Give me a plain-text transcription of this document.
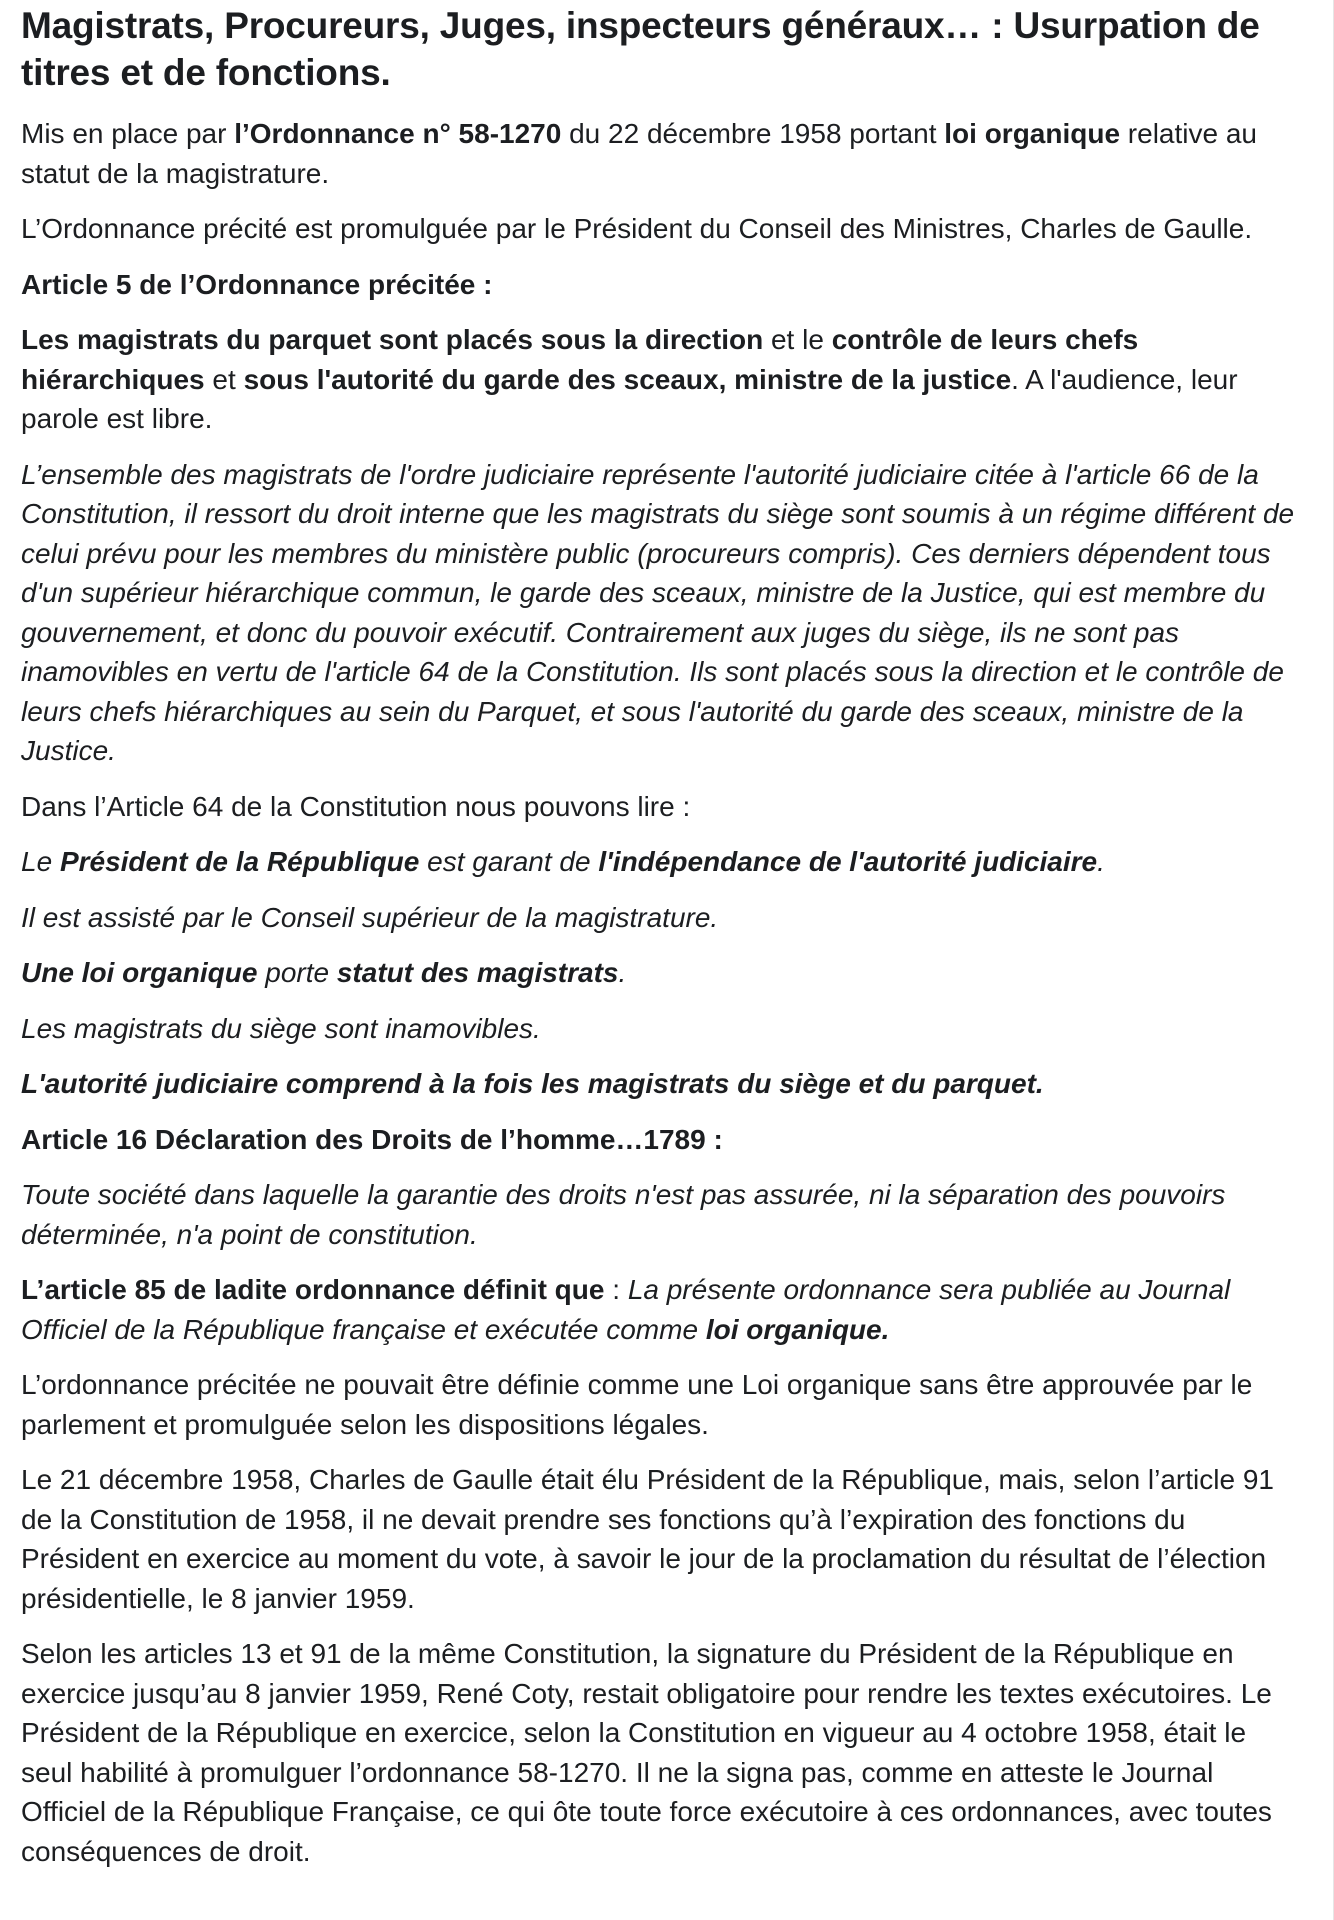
Magistrats, Procureurs, Juges, inspecteurs généraux… : Usurpation de titres et de fonctions.

Mis en place par l’Ordonnance n° 58-1270 du 22 décembre 1958 portant loi organique relative au statut de la magistrature.

L’Ordonnance précité est promulguée par le Président du Conseil des Ministres, Charles de Gaulle.

Article 5 de l’Ordonnance précitée :

Les magistrats du parquet sont placés sous la direction et le contrôle de leurs chefs hiérarchiques et sous l'autorité du garde des sceaux, ministre de la justice. A l'audience, leur parole est libre.

L’ensemble des magistrats de l'ordre judiciaire représente l'autorité judiciaire citée à l'article 66 de la Constitution, il ressort du droit interne que les magistrats du siège sont soumis à un régime différent de celui prévu pour les membres du ministère public (procureurs compris). Ces derniers dépendent tous d'un supérieur hiérarchique commun, le garde des sceaux, ministre de la Justice, qui est membre du gouvernement, et donc du pouvoir exécutif. Contrairement aux juges du siège, ils ne sont pas inamovibles en vertu de l'article 64 de la Constitution. Ils sont placés sous la direction et le contrôle de leurs chefs hiérarchiques au sein du Parquet, et sous l'autorité du garde des sceaux, ministre de la Justice.

Dans l’Article 64 de la Constitution nous pouvons lire :

Le Président de la République est garant de l'indépendance de l'autorité judiciaire.

Il est assisté par le Conseil supérieur de la magistrature.

Une loi organique porte statut des magistrats.

Les magistrats du siège sont inamovibles.

L'autorité judiciaire comprend à la fois les magistrats du siège et du parquet.

Article 16 Déclaration des Droits de l’homme…1789 :

Toute société dans laquelle la garantie des droits n'est pas assurée, ni la séparation des pouvoirs déterminée, n'a point de constitution.

L’article 85 de ladite ordonnance définit que : La présente ordonnance sera publiée au Journal Officiel de la République française et exécutée comme loi organique.

L’ordonnance précitée ne pouvait être définie comme une Loi organique sans être approuvée par le parlement et promulguée selon les dispositions légales.

Le 21 décembre 1958, Charles de Gaulle était élu Président de la République, mais, selon l’article 91 de la Constitution de 1958, il ne devait prendre ses fonctions qu’à l’expiration des fonctions du Président en exercice au moment du vote, à savoir le jour de la proclamation du résultat de l’élection présidentielle, le 8 janvier 1959.

Selon les articles 13 et 91 de la même Constitution, la signature du Président de la République en exercice jusqu’au 8 janvier 1959, René Coty, restait obligatoire pour rendre les textes exécutoires. Le Président de la République en exercice, selon la Constitution en vigueur au 4 octobre 1958, était le seul habilité à promulguer l’ordonnance 58-1270. Il ne la signa pas, comme en atteste le Journal Officiel de la République Française, ce qui ôte toute force exécutoire à ces ordonnances, avec toutes conséquences de droit.
